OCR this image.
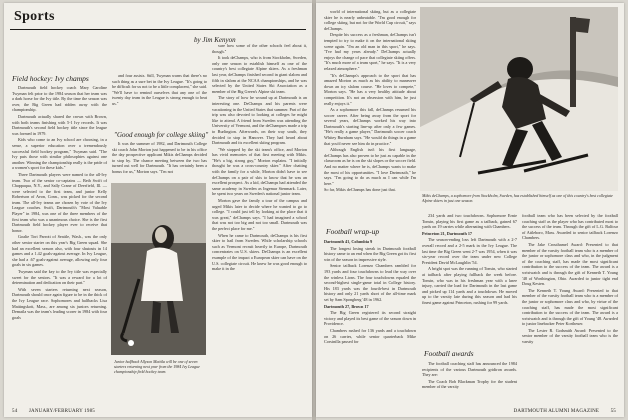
Sports
by Jim Kenyon
Field hockey: Ivy champs

Dartmouth field hockey coach Mary Caroline Twyman felt prior to the 1984 season that her team was a dark horse for the Ivy title. By the time the season was over, the Big Green had ridden away with the championship.

Dartmouth actually shared the crown with Brown, with both teams finishing with 5-1 Ivy records. It was Dartmouth's second field hockey title since the league was formed in 1979.

Kids who come to an Ivy school are choosing, in a sense, a superior education over a tremendously successful field hockey program," Twyman said. "The Ivy puts those with similar philosophies against one another. Winning the championship really is the pride of a women's sport for these kids."

Three Dartmouth players were named to the all-Ivy team. Two of the senior co-captains — Beth Swift of Chappaqua, N.Y., and Sally Crane of Deerfield, Ill. — were selected to the first team, and junior Kelly Robertson of Avon, Conn., was picked for the second team. The all-Ivy teams are chosen by vote of the Ivy League coaches. Swift, Dartmouth's "Most Valuable Player" in 1984, was one of the three members of the first team who was a unanimous choice. She is the first Dartmouth field hockey player ever to receive that honor.

Goalie Tori Parrott of Seattle, Wash., was the only other senior starter on this year's Big Green squad. She had an excellent season also, with four shutouts in 14 games and a 1.42 goals-against average. In Ivy League, she had a .67 goals-against average, allowing only four goals in six games.

Twyman said the key to the Ivy title was especially sweet for the seniors. "It was a reward for a lot of determination and dedication on their part."

With seven starters returning next season, Dartmouth should once again figure to be in the thick of the Ivy League race. Sophomores and halfbacks Lisa Mattingskott, Mass., are among six juniors returning. Demaila was the team's leading scorer in 1984 with four goals

and four assists. Still, Twyman warns that there's no such thing as a sure bet in the Ivy League. "It's going to be difficult for us not to be a little complacent," she said. "We'll have to remind ourselves that any one of the twenty day team in the League is strong enough to beat us."

"Good enough for college skiing"

It was the summer of 1982, and Dartmouth College ski coach John Morton just happened to be in his office the day prospective applicant Mikis deChamps decided to stop by. The chance meeting between the two has turned out well for Dartmouth. "It has certainly been a bonus for us," Morton says. "I'm not

Junior halfback Allyson Mattila will be one of seven starters returning next year from the 1984 Ivy League championship field hockey team.

sure how some of the other schools feel about it, though."

It took deChamps, who is from Stockholm, Sweden, only one season to establish himself as one of the country's best collegiate Alpine skiers. As a freshman last year, deChamps finished second in giant slalom and fifth in slalom at the NCAA championships, and he was selected by the United States Ski Association as a member of the Big Green's Alpine ski team.

The story of how he wound up at Dartmouth is an interesting one. DeChamps and his parents were vacationing in the United States that summer. Part of the trip was also devoted to looking at colleges he might like to attend. A friend from Sweden was attending the University of Vermont, and the deChampses made a trip to Burlington. Afterwards, on their way south, they decided to stop in Hanover. They had heard about Dartmouth and its excellent skiing program.

"We stopped by the ski team's office, and Morton has vivid memories of that first meeting with Mikis. "He's a big, strong guy," Morton explains. "I initially thought he was a cross-country skier." After chatting with the family for a while, Morton didn't have to see deChamps on a pair of skis to know that he was an excellent prospect. As a kid, deChamps had attended the same academy in Sweden as Ingemar Stenmark. Later, he spent two years on Sweden's national junior team.

Morton gave the family a tour of the campus and urged Mikis later to decide where he wanted to go to college. "I could just tell by looking at the place that it was great," deChamps says. "I had imagined a school that was not too big and not too small. Dartmouth was the perfect place for me."

When he came to Dartmouth, deChamps is his first skier to hail from Sweden. While scholarship schools such as Vermont recruit heavily in Europe, Dartmouth concentrates on U.S. skiers. DeChamps is an excellent example of the impact a European skier can have on the U.S. collegiate circuit. He knew he was good enough to make it in the

54 JANUARY/FEBRUARY 1985

world of international skiing, but as a collegiate skier he is nearly unbeatable. "I'm good enough for college skiing, but not for the World Cup circuit," says deChamps.

Despite his success as a freshman, deChamps isn't tempted to try to make it on the international skiing scene again. "I'm an old man in this sport," he says. "I've had my years already." DeChamps actually enjoys the change of pace that collegiate skiing offers. "It's much more of a team sport," he says. "It is a very relaxed atmosphere."

"It's deChamps's approach to the sport that has amazed Morton as much as his ability to maneuver down an icy slalom course. "He loves to compete," Morton says. "He has a very healthy attitude about competition. It's not an obsession with him, he just really enjoys it."

As a sophomore this fall, deChamps resumed his soccer career. After being away from the sport for several years, deChamps worked his way into Dartmouth's starting line-up after only a few games. "He's really a game player," Dartmouth soccer coach Whitey Burnham says. "He would do things in a game that you'd never see him do in practice."

Although English isn't his first language, deChamps has also proven to be just as capable in the classroom as he is on the ski slopes or the soccer field. And no matter where he is, deChamps wants to make the most of his opportunities. "I love Dartmouth," he says. "I'm going to do as much as I can while I'm here."

So far, Mikis deChamps has done just that.

Football wrap-up

Dartmouth 41, Columbia 9

The longest losing streak in Dartmouth football history came to an end when the Big Green got its first win of the season in impressive style.

Senior tailback Lorenzo Chambers rambled for 193 yards and four touchdowns to lead the way over the winless Lions. The four touchdowns equaled the second-highest single-game total in College history. His 183 yards was the fourth-best in Dartmouth history and only 21 yards short of the all-time mark set by Sam Spongberg '48 in 1962.

Dartmouth 27, Brown 17

The Big Green registered its second straight victory and played its best game of the season down in Providence.

Chambers rushed for 136 yards and a touchdown on 26 carries, while senior quarterback Mike Corsinilla passed for

Mikis deChamps, a sophomore from Stockholm, Sweden, has established himself as one of this country's best collegiate Alpine skiers in just one season.

234 yards and two touchdowns. Sophomore Ernie Tonsin, playing his first game as a tailback, gained 67 yards on 19 carries while alternating with Chambers.

Princeton 21, Dartmouth 17

The season-ending loss left Dartmouth with a 2-7 overall record and a 2-5 mark in the Ivy League. The last time the Big Green went 2-7 was 1954, when it was six-year record over the team under new College President David McLaughlin '54.

A bright spot was the running of Tonsin, who started at tailback after playing fullback the week before. Tonsin, who was in his freshman year with a knee injury, carried the load for Dartmouth in the last game and picked up 114 yards and a touchdown. He moved up to the varsity late during this season and had his finest game against Princeton, rushing for 99 yards.

Football awards

The football coaching staff has announced the 1984 recipients of the various Dartmouth gridiron awards. They are:

The Coach Bob Blackman Trophy for the student member of the varsity

football team who has been selected by the football coaching staff as the player who has contributed most to the success of the team. Through the gift of L.G. Balfour of Attleboro, Mass. Awarded to senior tailback Lorenzo Chambers.

The Jake Crouthamel Award: Presented to that member of the varsity football team who is a member of the junior or sophomore class and who, in the judgment of the coaching staff, has made the most significant contribution to the success of the team. The award is a wristwatch and is through the gift of Kenneth T. Young '48 of Worthington, Ohio. Awarded to junior tight end Doug Kesten.

The Kenneth T. Young Award: Presented to that member of the varsity football team who is a member of the junior or sophomore class and who, by virtue of the coaching staff, has made the most significant contribution to the success of the team. The award is a wristwatch and is through the gift of Young '48. Awarded to junior linebacker Peter Kortheuer.

The Lester R. Godsmith Award: Presented to the senior member of the varsity football team who is the varsity

DARTMOUTH ALUMNI MAGAZINE 55
